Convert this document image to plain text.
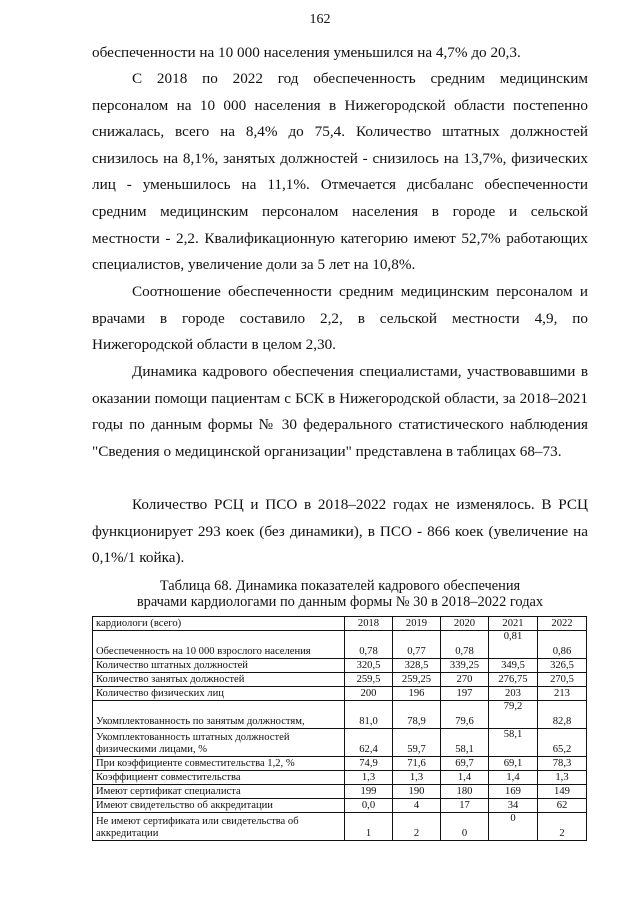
162

обеспеченности на 10 000 населения уменьшился на 4,7% до 20,3.

С 2018 по 2022 год обеспеченность средним медицинским персоналом на 10 000 населения в Нижегородской области постепенно снижалась, всего на 8,4% до 75,4. Количество штатных должностей снизилось на 8,1%, занятых должностей - снизилось на 13,7%, физических лиц - уменьшилось на 11,1%. Отмечается дисбаланс обеспеченности средним медицинским персоналом населения в городе и сельской местности - 2,2. Квалификационную категорию имеют 52,7% работающих специалистов, увеличение доли за 5 лет на 10,8%.

Соотношение обеспеченности средним медицинским персоналом и врачами в городе составило 2,2, в сельской местности 4,9, по Нижегородской области в целом 2,30.

Динамика кадрового обеспечения специалистами, участвовавшими в оказании помощи пациентам с БСК в Нижегородской области, за 2018–2021 годы по данным формы № 30 федерального статистического наблюдения "Сведения о медицинской организации" представлена в таблицах 68–73.

Количество РСЦ и ПСО в 2018–2022 годах не изменялось. В РСЦ функционирует 293 коек (без динамики), в ПСО - 866 коек (увеличение на 0,1%/1 койка).

Таблица 68. Динамика показателей кадрового обеспечения
врачами кардиологами по данным формы № 30 в 2018–2022 годах
кардиологи (всего)	2018	2019	2020	2021	2022
Обеспеченность на 10 000 взрослого населения	0,78	0,77	0,78	0,81	0,86
Количество штатных должностей	320,5	328,5	339,25	349,5	326,5
Количество занятых должностей	259,5	259,25	270	276,75	270,5
Количество физических лиц	200	196	197	203	213
Укомплектованность по занятым должностям,	81,0	78,9	79,6	79,2	82,8
Укомплектованность штатных должностей физическими лицами, %	62,4	59,7	58,1	58,1	65,2
При коэффициенте совместительства 1,2, %	74,9	71,6	69,7	69,1	78,3
Коэффициент совместительства	1,3	1,3	1,4	1,4	1,3
Имеют сертификат специалиста	199	190	180	169	149
Имеют свидетельство об аккредитации	0,0	4	17	34	62
Не имеют сертификата или свидетельства об аккредитации	1	2	0	0	2
